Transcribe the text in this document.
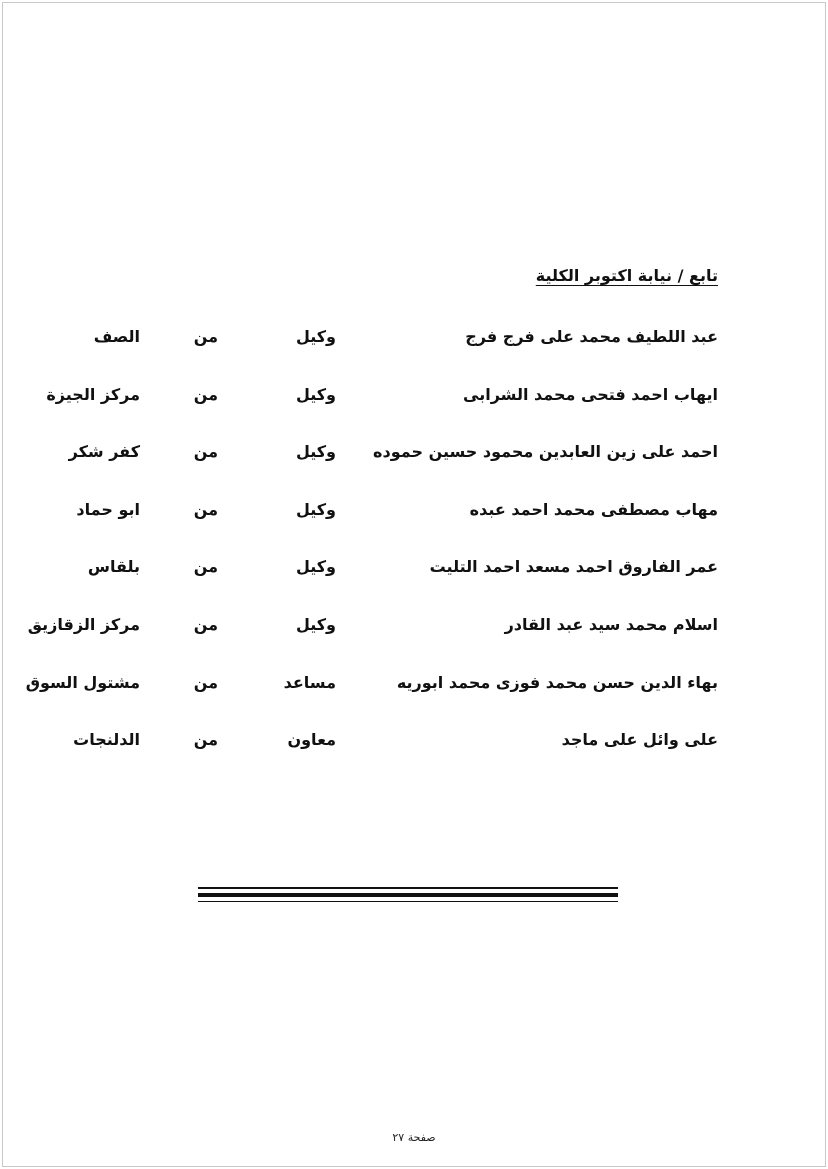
تابع / نيابة اكتوبر الكلية
عبد اللطيف محمد على فرج فرج
وكيل
من
الصف
ايهاب احمد فتحى محمد الشرابى
وكيل
من
مركز الجيزة
احمد على زين العابدين محمود حسين حموده
وكيل
من
كفر شكر
مهاب مصطفى محمد احمد عبده
وكيل
من
ابو حماد
عمر الفاروق احمد مسعد احمد التليت
وكيل
من
بلقاس
اسلام محمد سيد عبد القادر
وكيل
من
مركز الزقازيق
بهاء الدين حسن محمد فوزى محمد ابوريه
مساعد
من
مشتول السوق
على وائل على ماجد
معاون
من
الدلنجات
صفحة ٢٧
